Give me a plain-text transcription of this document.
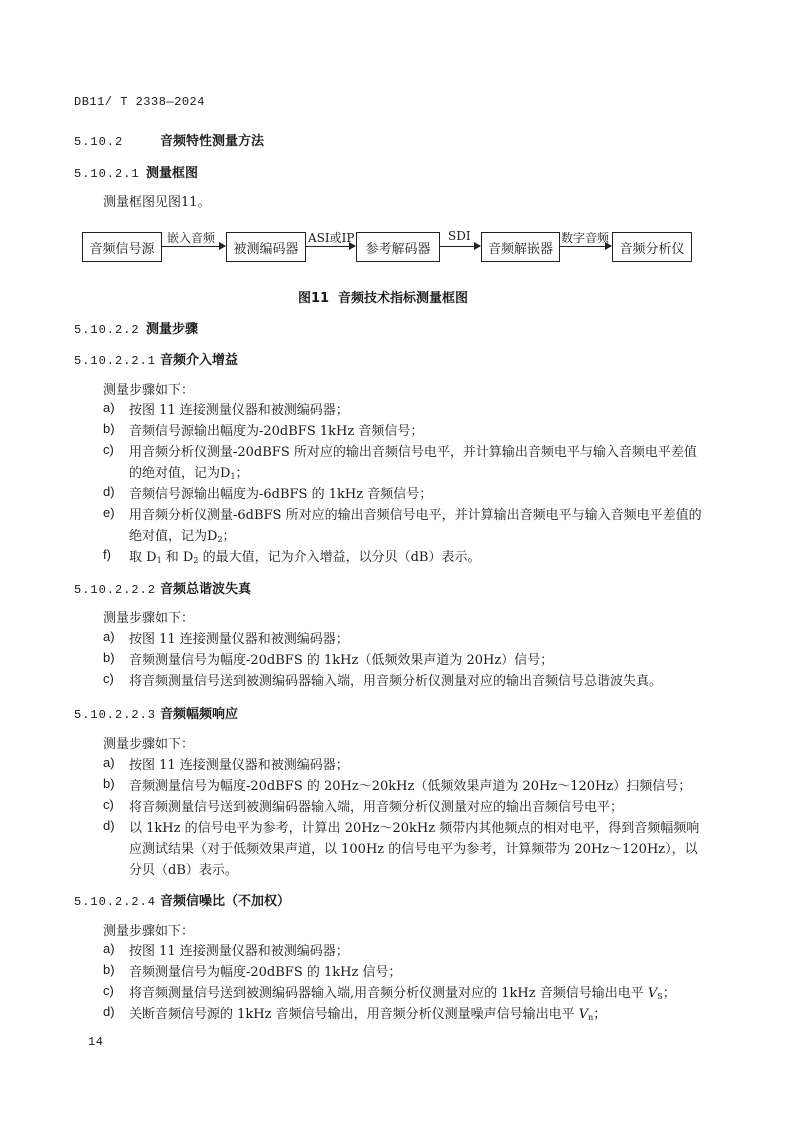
DB11/ T 2338—2024
5.10.2	音频特性测量方法
5.10.2.1 测量框图
测量框图见图11。
音频信号源	被测编码器	参考解码器	音频解嵌器	音频分析仪
嵌入音频	ASI或IP	SDI	数字音频
图11 音频技术指标测量框图
5.10.2.2 测量步骤
5.10.2.2.1 音频介入增益
测量步骤如下：
a) 按图 11 连接测量仪器和被测编码器；
b) 音频信号源输出幅度为-20dBFS 1kHz 音频信号；
c) 用音频分析仪测量-20dBFS 所对应的输出音频信号电平，并计算输出音频电平与输入音频电平差值的绝对值，记为$D_1$；
d) 音频信号源输出幅度为-6dBFS 的 1kHz 音频信号；
e) 用音频分析仪测量-6dBFS 所对应的输出音频信号电平，并计算输出音频电平与输入音频电平差值的绝对值，记为$D_2$；
f) 取 $D_1$ 和 $D_2$ 的最大值，记为介入增益，以分贝（dB）表示。
5.10.2.2.2 音频总谐波失真
测量步骤如下：
a) 按图 11 连接测量仪器和被测编码器；
b) 音频测量信号为幅度-20dBFS 的 1kHz（低频效果声道为 20Hz）信号；
c) 将音频测量信号送到被测编码器输入端，用音频分析仪测量对应的输出音频信号总谐波失真。
5.10.2.2.3 音频幅频响应
测量步骤如下：
a) 按图 11 连接测量仪器和被测编码器；
b) 音频测量信号为幅度-20dBFS 的 20Hz～20kHz（低频效果声道为 20Hz～120Hz）扫频信号；
c) 将音频测量信号送到被测编码器输入端，用音频分析仪测量对应的输出音频信号电平；
d) 以 1kHz 的信号电平为参考，计算出 20Hz～20kHz 频带内其他频点的相对电平，得到音频幅频响应测试结果（对于低频效果声道，以 100Hz 的信号电平为参考，计算频带为 20Hz～120Hz），以分贝（dB）表示。
5.10.2.2.4 音频信噪比（不加权）
测量步骤如下：
a) 按图 11 连接测量仪器和被测编码器；
b) 音频测量信号为幅度-20dBFS 的 1kHz 信号；
c) 将音频测量信号送到被测编码器输入端,用音频分析仪测量对应的 1kHz 音频信号输出电平 $V_S$；
d) 关断音频信号源的 1kHz 音频信号输出，用音频分析仪测量噪声信号输出电平 $V_n$；
14
